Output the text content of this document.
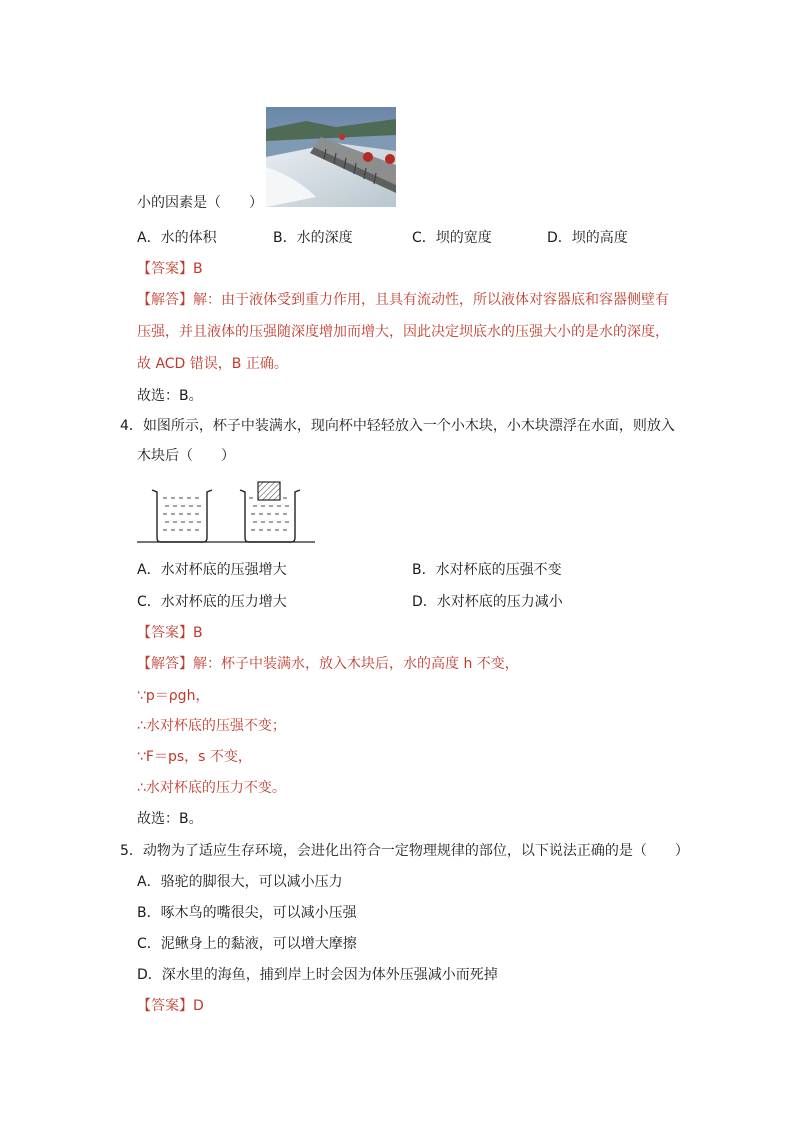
小的因素是（　　）
A．水的体积	B．水的深度	C．坝的宽度	D．坝的高度
【答案】B
【解答】解：由于液体受到重力作用，且具有流动性，所以液体对容器底和容器侧壁有
压强，并且液体的压强随深度增加而增大，因此决定坝底水的压强大小的是水的深度，
故 ACD 错误，B 正确。
故选：B。
4．如图所示，杯子中装满水，现向杯中轻轻放入一个小木块，小木块漂浮在水面，则放入
木块后（　　）
A．水对杯底的压强增大	B．水对杯底的压强不变
C．水对杯底的压力增大	D．水对杯底的压力减小
【答案】B
【解答】解：杯子中装满水，放入木块后，水的高度 h 不变，
∵p＝ρgh，
∴水对杯底的压强不变；
∵F＝ps，s 不变，
∴水对杯底的压力不变。
故选：B。
5．动物为了适应生存环境，会进化出符合一定物理规律的部位，以下说法正确的是（　　）
A．骆驼的脚很大，可以减小压力
B．啄木鸟的嘴很尖，可以减小压强
C．泥鳅身上的黏液，可以增大摩擦
D．深水里的海鱼，捕到岸上时会因为体外压强减小而死掉
【答案】D
